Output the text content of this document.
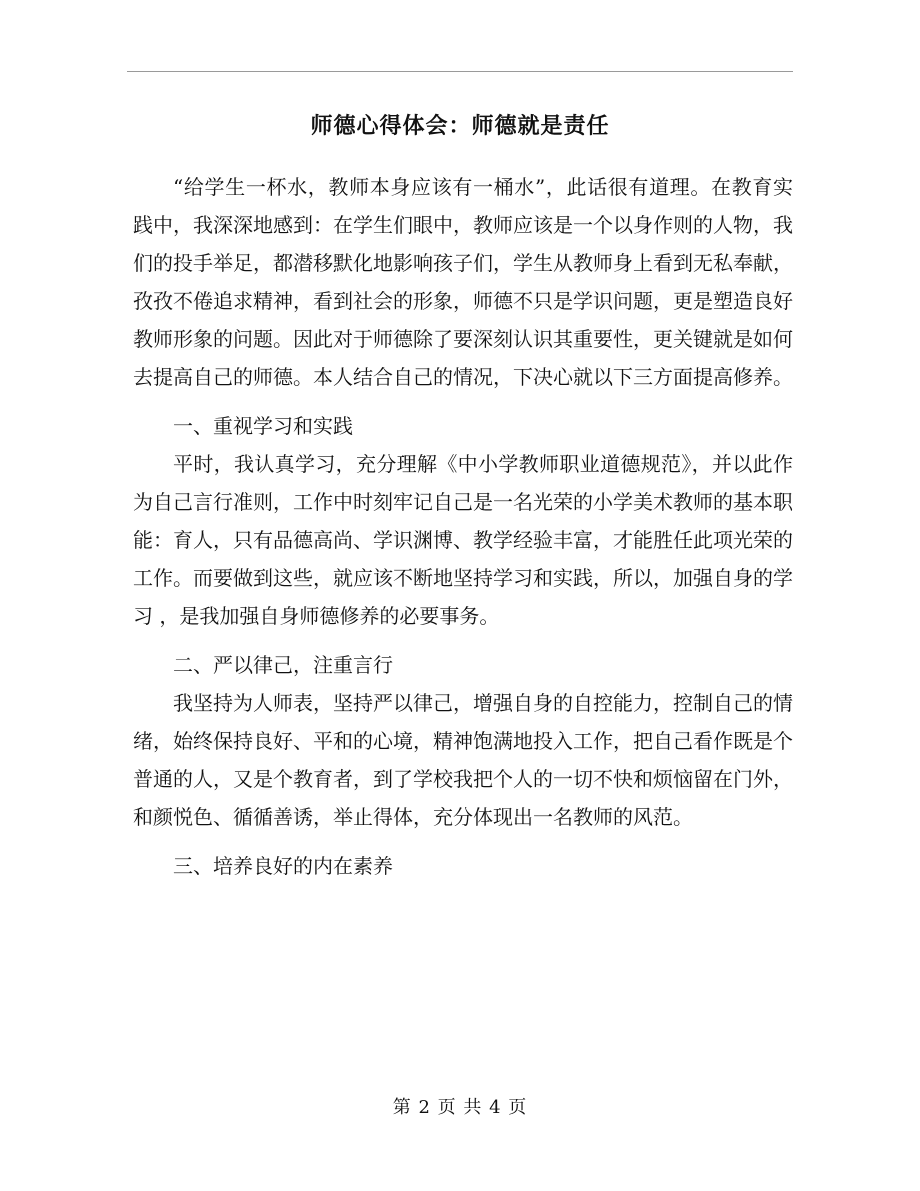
师德心得体会：师德就是责任

“给学生一杯水，教师本身应该有一桶水”，此话很有道理。在教育实践中，我深深地感到：在学生们眼中，教师应该是一个以身作则的人物，我们的投手举足，都潜移默化地影响孩子们，学生从教师身上看到无私奉献，孜孜不倦追求精神，看到社会的形象，师德不只是学识问题，更是塑造良好教师形象的问题。因此对于师德除了要深刻认识其重要性，更关键就是如何去提高自己的师德。本人结合自己的情况，下决心就以下三方面提高修养。

一、重视学习和实践

平时，我认真学习，充分理解《中小学教师职业道德规范》，并以此作为自己言行准则，工作中时刻牢记自己是一名光荣的小学美术教师的基本职能：育人，只有品德高尚、学识渊博、教学经验丰富，才能胜任此项光荣的工作。而要做到这些，就应该不断地坚持学习和实践，所以，加强自身的学习 ，是我加强自身师德修养的必要事务。

二、严以律己，注重言行

我坚持为人师表，坚持严以律己，增强自身的自控能力，控制自己的情绪，始终保持良好、平和的心境，精神饱满地投入工作，把自己看作既是个普通的人，又是个教育者，到了学校我把个人的一切不快和烦恼留在门外，和颜悦色、循循善诱，举止得体，充分体现出一名教师的风范。

三、培养良好的内在素养

第 2 页 共 4 页
